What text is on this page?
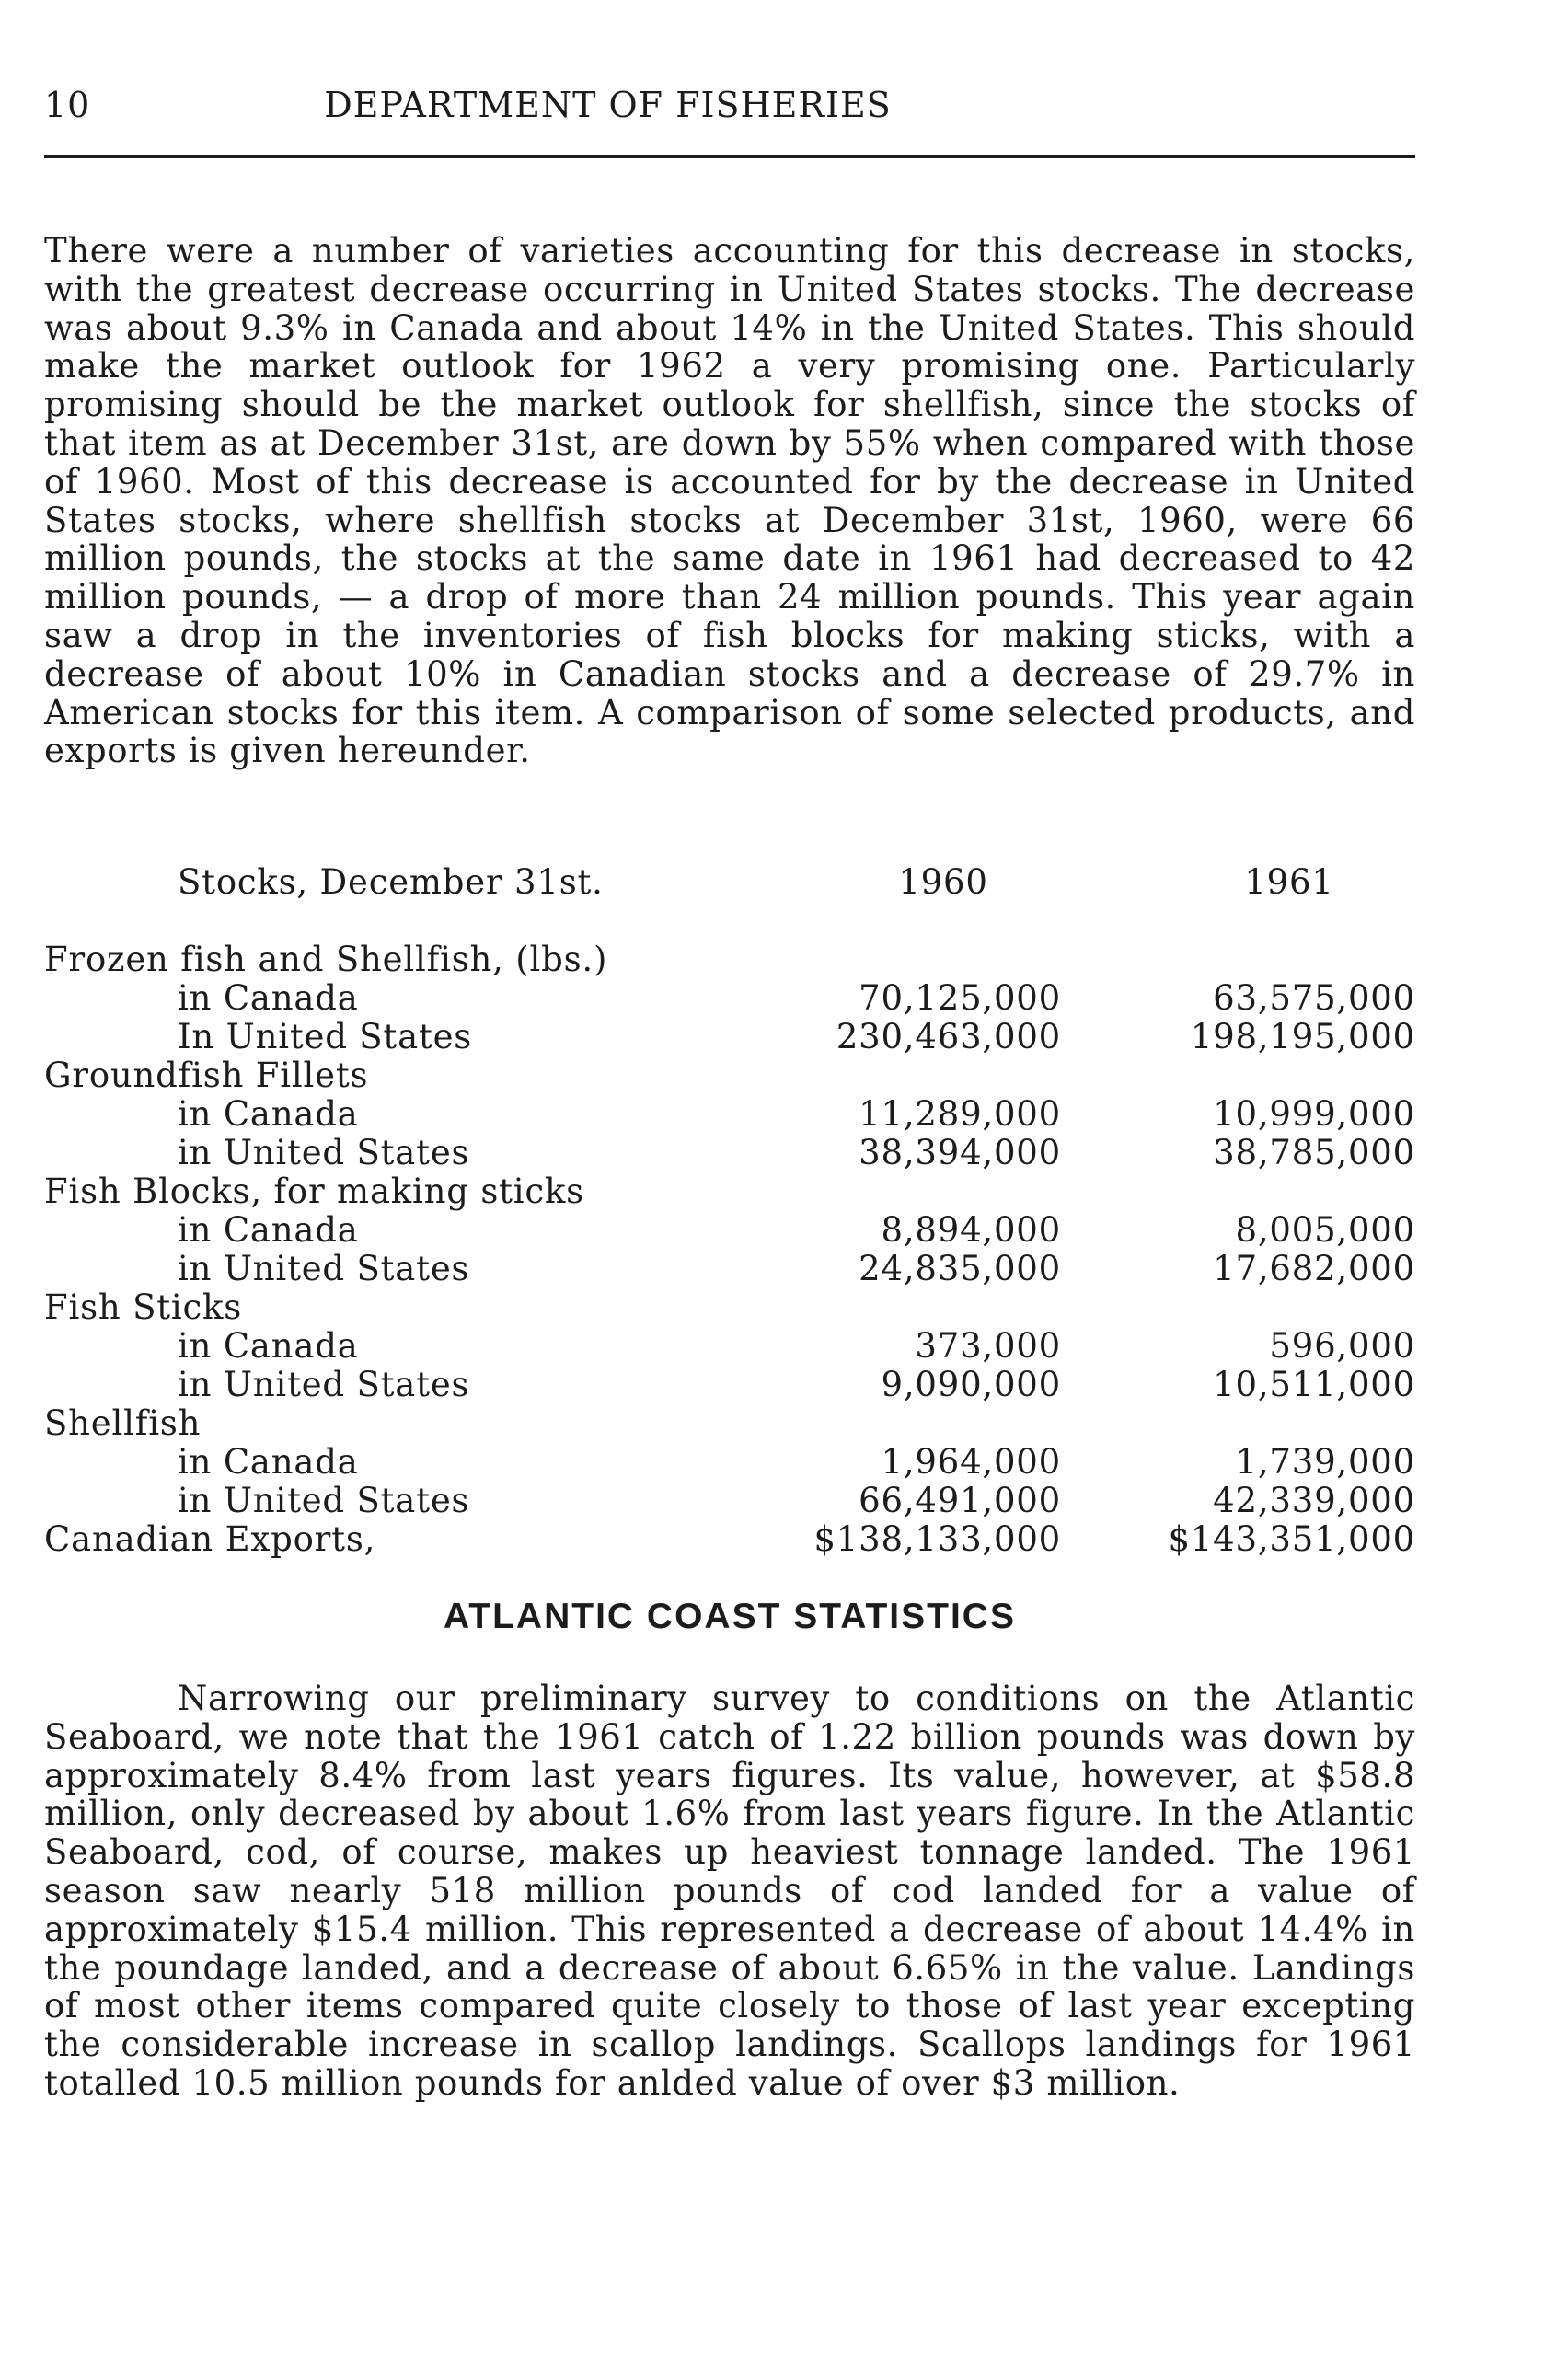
10	DEPARTMENT OF FISHERIES

There were a number of varieties accounting for this decrease in stocks, with the greatest decrease occurring in United States stocks. The decrease was about 9.3% in Canada and about 14% in the United States. This should make the market outlook for 1962 a very promising one. Particularly promising should be the market outlook for shellfish, since the stocks of that item as at December 31st, are down by 55% when compared with those of 1960. Most of this decrease is accounted for by the decrease in United States stocks, where shellfish stocks at December 31st, 1960, were 66 million pounds, the stocks at the same date in 1961 had decreased to 42 million pounds, — a drop of more than 24 million pounds. This year again saw a drop in the inventories of fish blocks for making sticks, with a decrease of about 10% in Canadian stocks and a decrease of 29.7% in American stocks for this item. A comparison of some selected products, and exports is given hereunder.

Stocks, December 31st.	1960	1961
Frozen fish and Shellfish, (lbs.)
in Canada	70,125,000	63,575,000
In United States	230,463,000	198,195,000
Groundfish Fillets
in Canada	11,289,000	10,999,000
in United States	38,394,000	38,785,000
Fish Blocks, for making sticks
in Canada	8,894,000	8,005,000
in United States	24,835,000	17,682,000
Fish Sticks
in Canada	373,000	596,000
in United States	9,090,000	10,511,000
Shellfish
in Canada	1,964,000	1,739,000
in United States	66,491,000	42,339,000
Canadian Exports,	$138,133,000	$143,351,000
ATLANTIC COAST STATISTICS

Narrowing our preliminary survey to conditions on the Atlantic Seaboard, we note that the 1961 catch of 1.22 billion pounds was down by approximately 8.4% from last years figures. Its value, however, at $58.8 million, only decreased by about 1.6% from last years figure. In the Atlantic Seaboard, cod, of course, makes up heaviest tonnage landed. The 1961 season saw nearly 518 million pounds of cod landed for a value of approximately $15.4 million. This represented a decrease of about 14.4% in the poundage landed, and a decrease of about 6.65% in the value. Landings of most other items compared quite closely to those of last year excepting the considerable increase in scallop landings. Scallops landings for 1961 totalled 10.5 million pounds for anlded value of over $3 million.
